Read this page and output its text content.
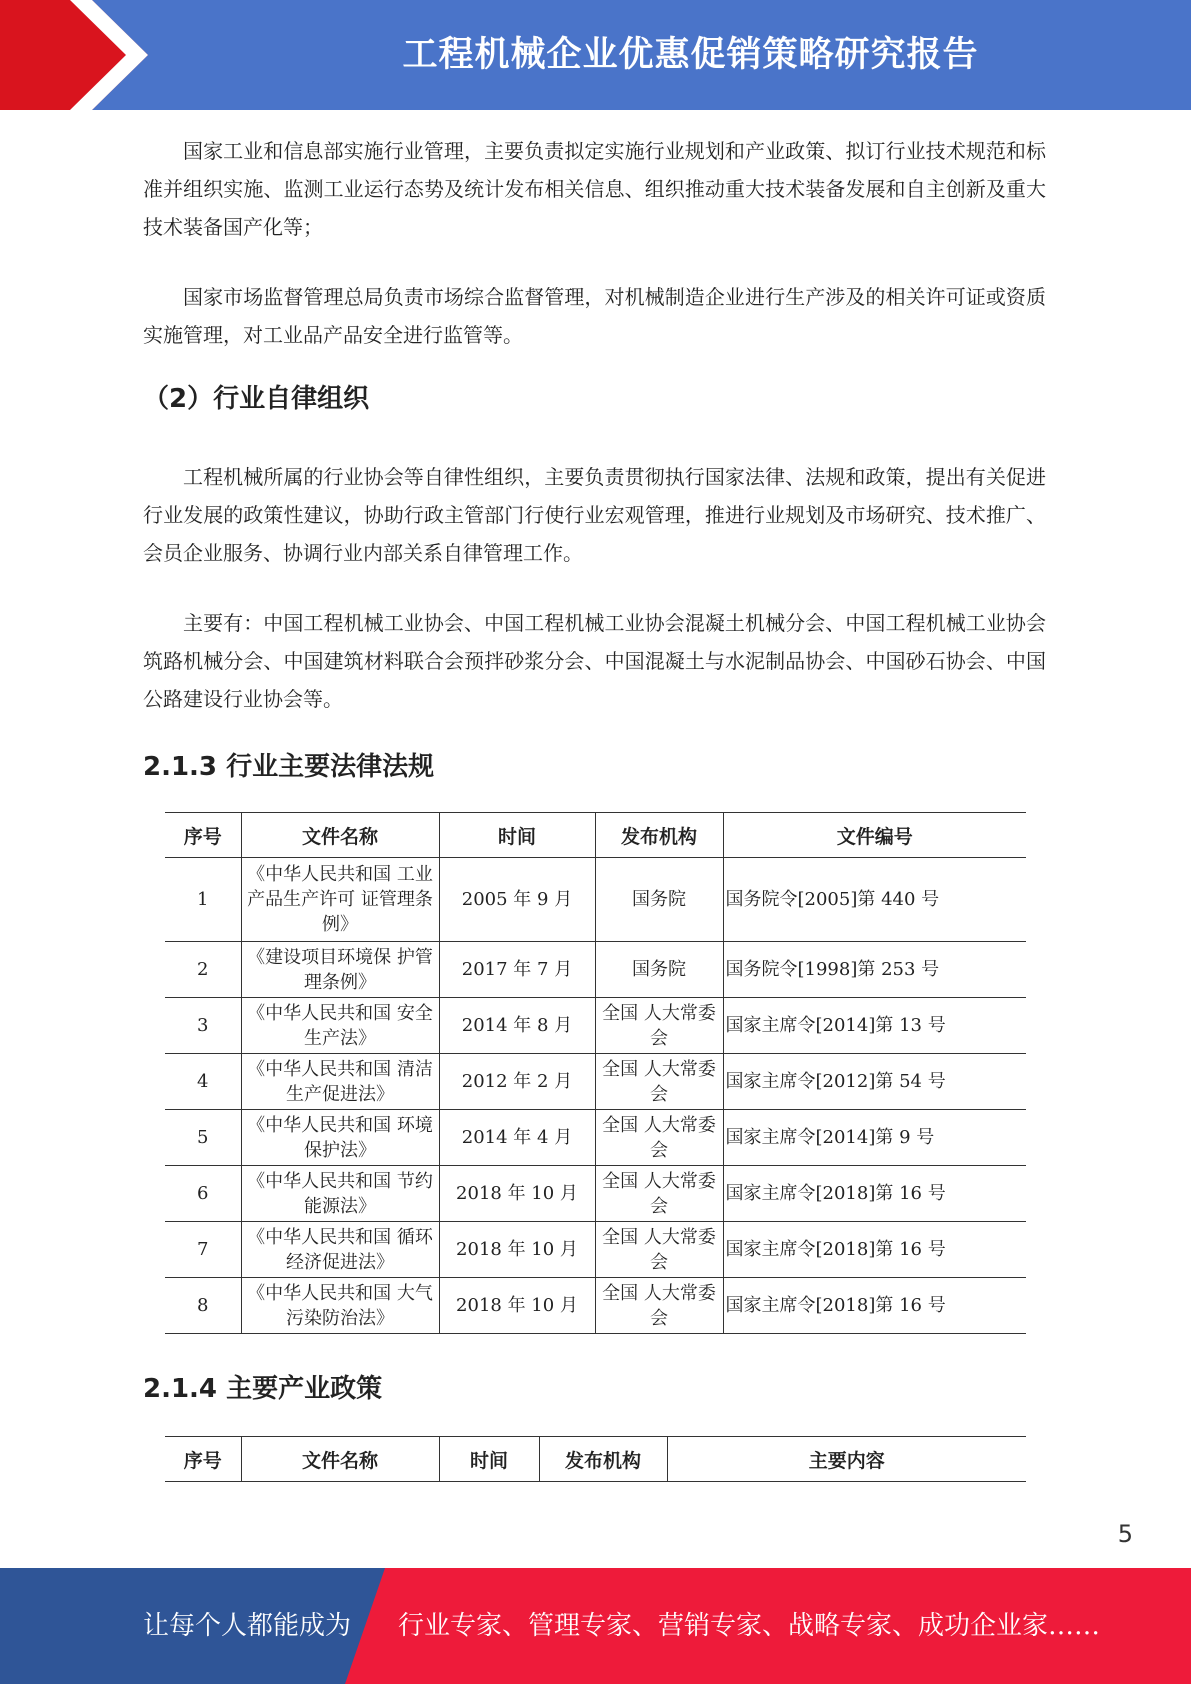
工程机械企业优惠促销策略研究报告

国家工业和信息部实施行业管理，主要负责拟定实施行业规划和产业政策、拟订行业技术规范和标准并组织实施、监测工业运行态势及统计发布相关信息、组织推动重大技术装备发展和自主创新及重大技术装备国产化等；

国家市场监督管理总局负责市场综合监督管理，对机械制造企业进行生产涉及的相关许可证或资质实施管理，对工业品产品安全进行监管等。

（2）行业自律组织

工程机械所属的行业协会等自律性组织，主要负责贯彻执行国家法律、法规和政策，提出有关促进行业发展的政策性建议，协助行政主管部门行使行业宏观管理，推进行业规划及市场研究、技术推广、会员企业服务、协调行业内部关系自律管理工作。

主要有：中国工程机械工业协会、中国工程机械工业协会混凝土机械分会、中国工程机械工业协会筑路机械分会、中国建筑材料联合会预拌砂浆分会、中国混凝土与水泥制品协会、中国砂石协会、中国公路建设行业协会等。

2.1.3 行业主要法律法规
序号	文件名称	时间	发布机构	文件编号
1	《中华人民共和国 工业产品生产许可 证管理条例》	2005 年 9 月	国务院	国务院令[2005]第 440 号
2	《建设项目环境保 护管理条例》	2017 年 7 月	国务院	国务院令[1998]第 253 号
3	《中华人民共和国 安全生产法》	2014 年 8 月	全国 人大常委会	国家主席令[2014]第 13 号
4	《中华人民共和国 清洁生产促进法》	2012 年 2 月	全国 人大常委会	国家主席令[2012]第 54 号
5	《中华人民共和国 环境保护法》	2014 年 4 月	全国 人大常委会	国家主席令[2014]第 9 号
6	《中华人民共和国 节约能源法》	2018 年 10 月	全国 人大常委会	国家主席令[2018]第 16 号
7	《中华人民共和国 循环经济促进法》	2018 年 10 月	全国 人大常委会	国家主席令[2018]第 16 号
8	《中华人民共和国 大气污染防治法》	2018 年 10 月	全国 人大常委会	国家主席令[2018]第 16 号
2.1.4 主要产业政策
序号	文件名称	时间	发布机构	主要内容
5
让每个人都能成为 行业专家、管理专家、营销专家、战略专家、成功企业家……
